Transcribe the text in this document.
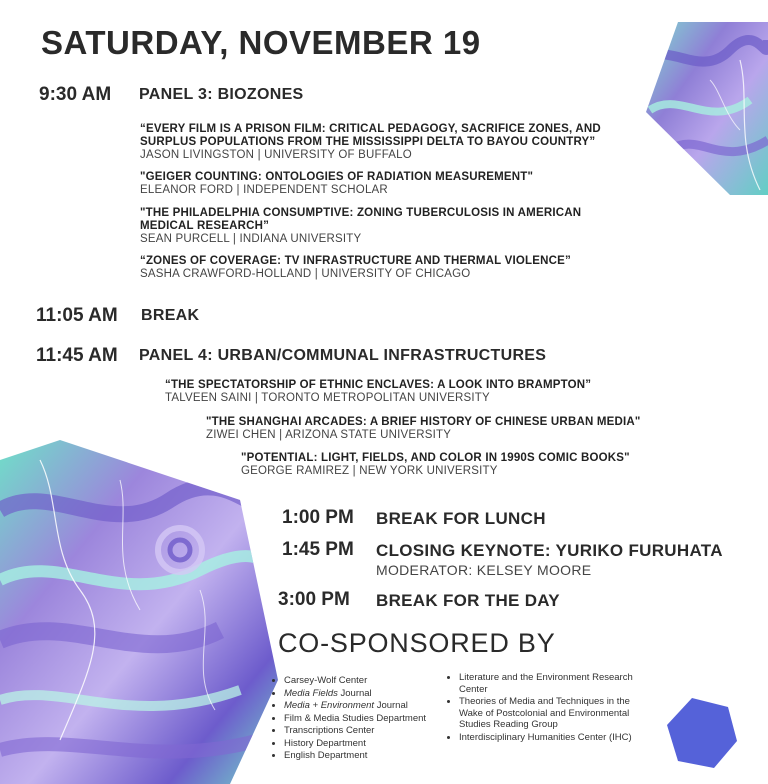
SATURDAY, NOVEMBER 19
9:30 AM PANEL 3: BIOZONES
“EVERY FILM IS A PRISON FILM: CRITICAL PEDAGOGY, SACRIFICE ZONES, AND
SURPLUS POPULATIONS FROM THE MISSISSIPPI DELTA TO BAYOU COUNTRY”
JASON LIVINGSTON | UNIVERSITY OF BUFFALO
"GEIGER COUNTING: ONTOLOGIES OF RADIATION MEASUREMENT"
ELEANOR FORD | INDEPENDENT SCHOLAR
"THE PHILADELPHIA CONSUMPTIVE: ZONING TUBERCULOSIS IN AMERICAN
MEDICAL RESEARCH”
SEAN PURCELL | INDIANA UNIVERSITY
“ZONES OF COVERAGE: TV INFRASTRUCTURE AND THERMAL VIOLENCE”
SASHA CRAWFORD-HOLLAND | UNIVERSITY OF CHICAGO
11:05 AM BREAK
11:45 AM PANEL 4: URBAN/COMMUNAL INFRASTRUCTURES
“THE SPECTATORSHIP OF ETHNIC ENCLAVES: A LOOK INTO BRAMPTON”
TALVEEN SAINI | TORONTO METROPOLITAN UNIVERSITY
"THE SHANGHAI ARCADES: A BRIEF HISTORY OF CHINESE URBAN MEDIA"
ZIWEI CHEN | ARIZONA STATE UNIVERSITY
"POTENTIAL: LIGHT, FIELDS, AND COLOR IN 1990S COMIC BOOKS"
GEORGE RAMIREZ | NEW YORK UNIVERSITY
1:00 PM BREAK FOR LUNCH
1:45 PM CLOSING KEYNOTE: YURIKO FURUHATA
MODERATOR: KELSEY MOORE
3:00 PM BREAK FOR THE DAY
CO-SPONSORED BY
• Carsey-Wolf Center
• Media Fields Journal
• Media + Environment Journal
• Film & Media Studies Department
• Transcriptions Center
• History Department
• English Department
• Literature and the Environment Research Center
• Theories of Media and Techniques in the Wake of Postcolonial and Environmental Studies Reading Group
• Interdisciplinary Humanities Center (IHC)
